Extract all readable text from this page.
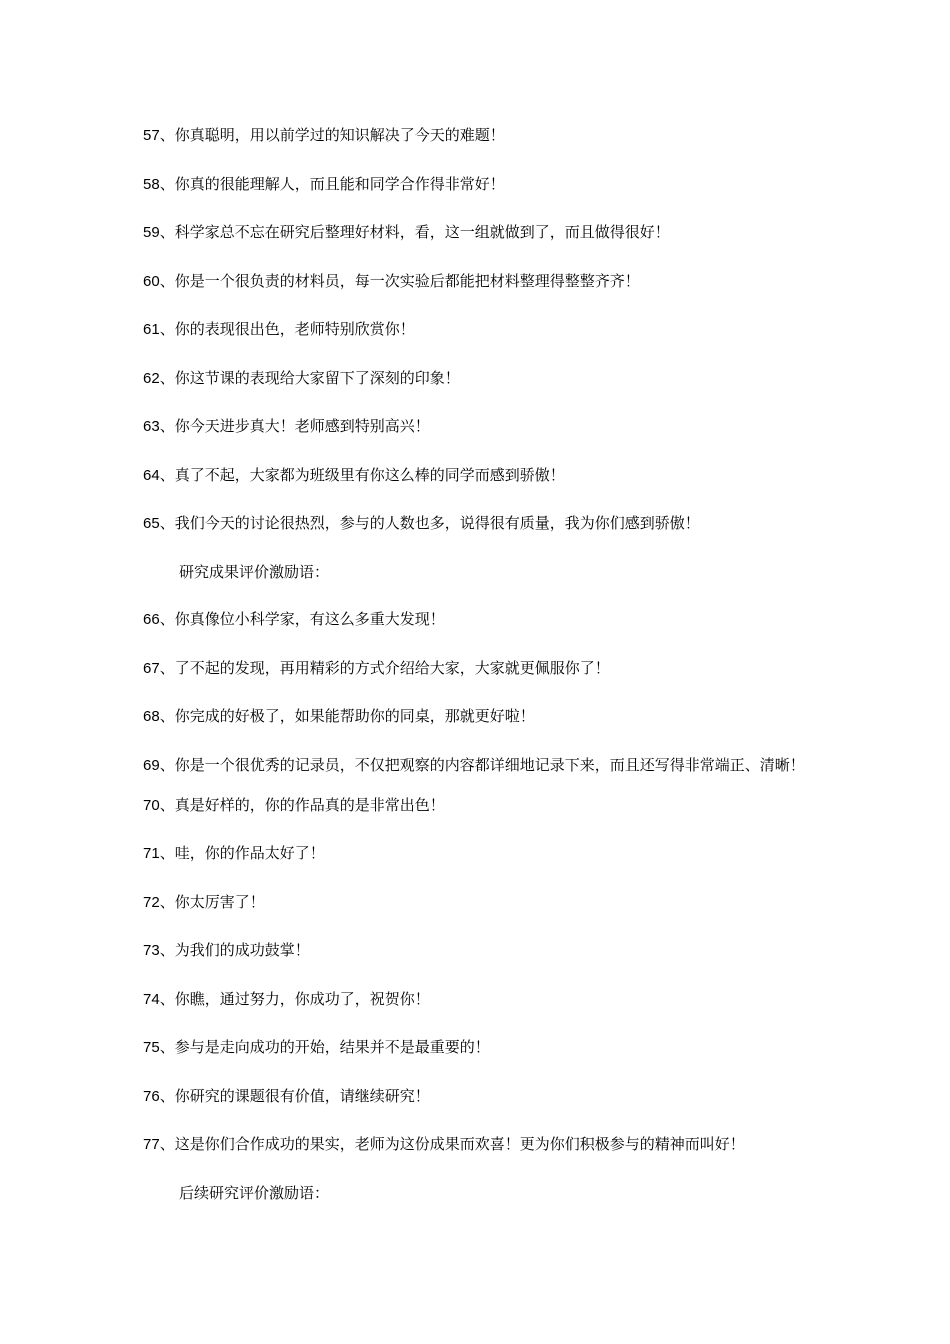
57、你真聪明，用以前学过的知识解决了今天的难题！

58、你真的很能理解人，而且能和同学合作得非常好！

59、科学家总不忘在研究后整理好材料，看，这一组就做到了，而且做得很好！

60、你是一个很负责的材料员，每一次实验后都能把材料整理得整整齐齐！

61、你的表现很出色，老师特别欣赏你！

62、你这节课的表现给大家留下了深刻的印象！

63、你今天进步真大！老师感到特别高兴！

64、真了不起，大家都为班级里有你这么棒的同学而感到骄傲！

65、我们今天的讨论很热烈，参与的人数也多，说得很有质量，我为你们感到骄傲！

研究成果评价激励语：

66、你真像位小科学家，有这么多重大发现！

67、了不起的发现，再用精彩的方式介绍给大家，大家就更佩服你了！

68、你完成的好极了，如果能帮助你的同桌，那就更好啦！

69、你是一个很优秀的记录员，不仅把观察的内容都详细地记录下来，而且还写得非常端正、清晰！

70、真是好样的，你的作品真的是非常出色！

71、哇，你的作品太好了！

72、你太厉害了！

73、为我们的成功鼓掌！

74、你瞧，通过努力，你成功了，祝贺你！

75、参与是走向成功的开始，结果并不是最重要的！

76、你研究的课题很有价值，请继续研究！

77、这是你们合作成功的果实，老师为这份成果而欢喜！更为你们积极参与的精神而叫好！

后续研究评价激励语：
